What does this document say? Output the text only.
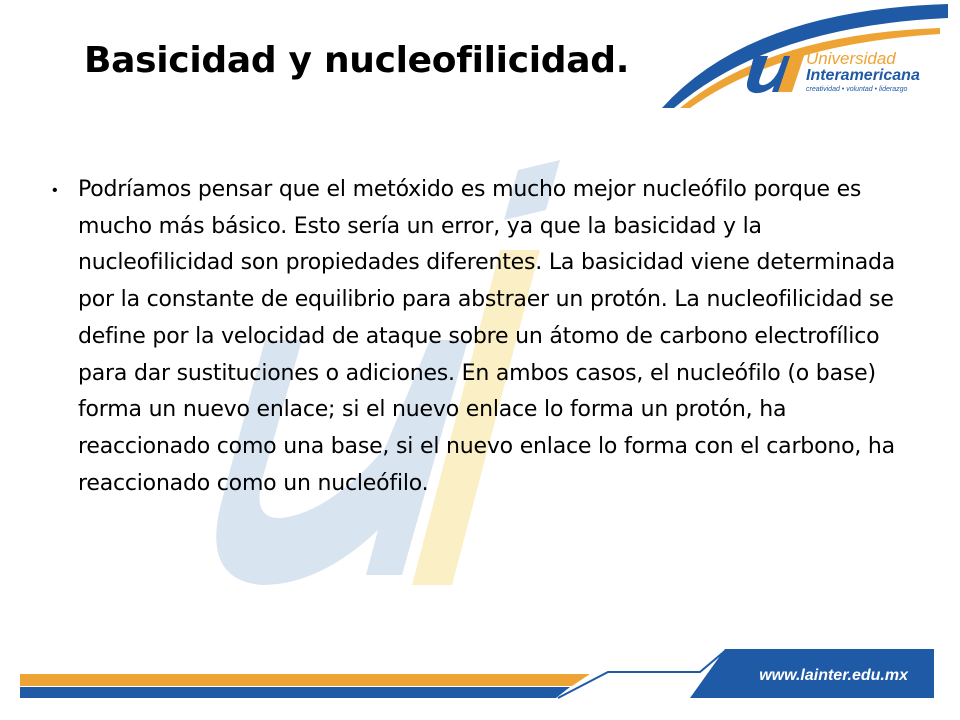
Basicidad y nucleofilicidad.	Universidad
Interamericana
creatividad • voluntad • liderazgo
• Podríamos pensar que el metóxido es mucho mejor nucleófilo porque es mucho más básico. Esto sería un error, ya que la basicidad y la nucleofilicidad son propiedades diferentes. La basicidad viene determinada por la constante de equilibrio para abstraer un protón. La nucleofilicidad se define por la velocidad de ataque sobre un átomo de carbono electrofílico para dar sustituciones o adiciones. En ambos casos, el nucleófilo (o base) forma un nuevo enlace; si el nuevo enlace lo forma un protón, ha reaccionado como una base, si el nuevo enlace lo forma con el carbono, ha reaccionado como un nucleófilo.

www.lainter.edu.mx
